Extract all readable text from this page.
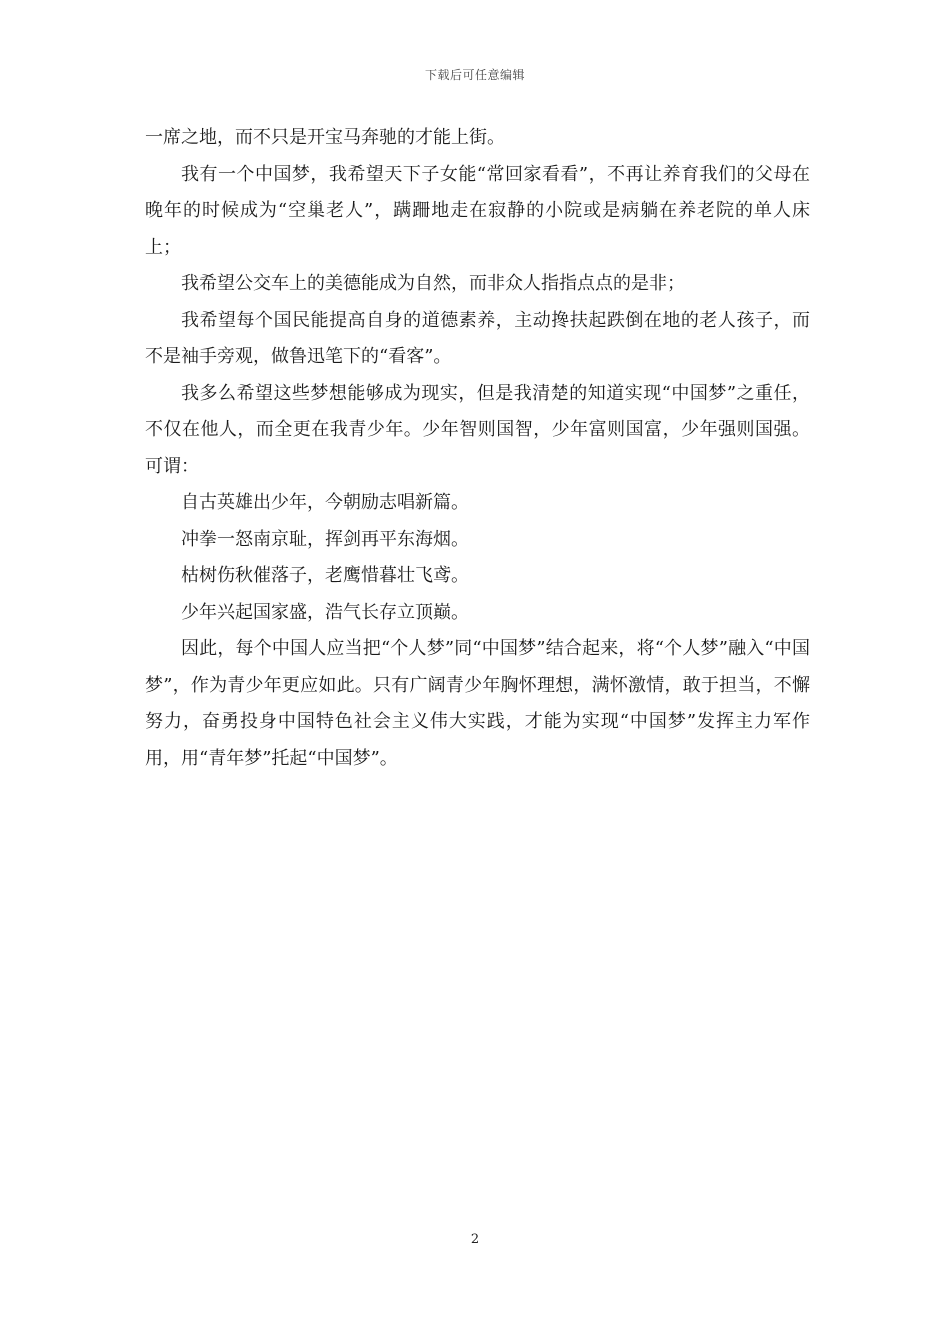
下载后可任意编辑

一席之地，而不只是开宝马奔驰的才能上街。

我有一个中国梦，我希望天下子女能“常回家看看”，不再让养育我们的父母在晚年的时候成为“空巢老人”，蹒跚地走在寂静的小院或是病躺在养老院的单人床上；

我希望公交车上的美德能成为自然，而非众人指指点点的是非；

我希望每个国民能提高自身的道德素养，主动搀扶起跌倒在地的老人孩子，而不是袖手旁观，做鲁迅笔下的“看客”。

我多么希望这些梦想能够成为现实，但是我清楚的知道实现“中国梦”之重任，不仅在他人，而全更在我青少年。少年智则国智，少年富则国富，少年强则国强。可谓：

自古英雄出少年，今朝励志唱新篇。

冲拳一怒南京耻，挥剑再平东海烟。

枯树伤秋催落子，老鹰惜暮壮飞鸢。

少年兴起国家盛，浩气长存立顶巅。

因此，每个中国人应当把“个人梦”同“中国梦”结合起来，将“个人梦”融入“中国梦”，作为青少年更应如此。只有广阔青少年胸怀理想，满怀激情，敢于担当，不懈努力，奋勇投身中国特色社会主义伟大实践，才能为实现“中国梦”发挥主力军作用，用“青年梦”托起“中国梦”。

2
